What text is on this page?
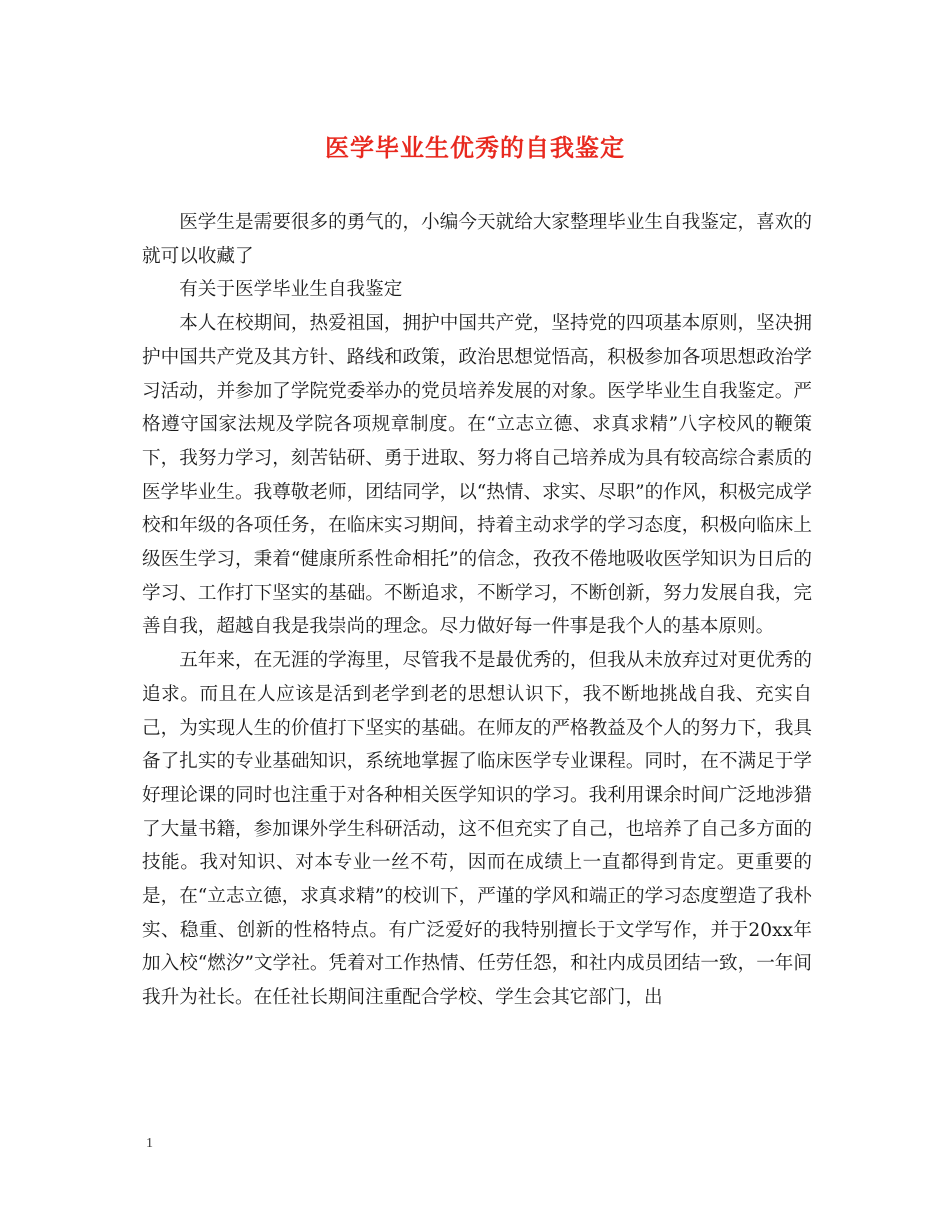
医学毕业生优秀的自我鉴定

医学生是需要很多的勇气的，小编今天就给大家整理毕业生自我鉴定，喜欢的就可以收藏了

有关于医学毕业生自我鉴定

本人在校期间，热爱祖国，拥护中国共产党，坚持党的四项基本原则，坚决拥护中国共产党及其方针、路线和政策，政治思想觉悟高，积极参加各项思想政治学习活动，并参加了学院党委举办的党员培养发展的对象。医学毕业生自我鉴定。严格遵守国家法规及学院各项规章制度。在“立志立德、求真求精”八字校风的鞭策下，我努力学习，刻苦钻研、勇于进取、努力将自己培养成为具有较高综合素质的医学毕业生。我尊敬老师，团结同学，以“热情、求实、尽职”的作风，积极完成学校和年级的各项任务，在临床实习期间，持着主动求学的学习态度，积极向临床上级医生学习，秉着“健康所系性命相托”的信念，孜孜不倦地吸收医学知识为日后的学习、工作打下坚实的基础。不断追求，不断学习，不断创新，努力发展自我，完善自我，超越自我是我崇尚的理念。尽力做好每一件事是我个人的基本原则。

五年来，在无涯的学海里，尽管我不是最优秀的，但我从未放弃过对更优秀的追求。而且在人应该是活到老学到老的思想认识下，我不断地挑战自我、充实自己，为实现人生的价值打下坚实的基础。在师友的严格教益及个人的努力下，我具备了扎实的专业基础知识，系统地掌握了临床医学专业课程。同时，在不满足于学好理论课的同时也注重于对各种相关医学知识的学习。我利用课余时间广泛地涉猎了大量书籍，参加课外学生科研活动，这不但充实了自己，也培养了自己多方面的技能。我对知识、对本专业一丝不苟，因而在成绩上一直都得到肯定。更重要的是，在“立志立德，求真求精”的校训下，严谨的学风和端正的学习态度塑造了我朴实、稳重、创新的性格特点。有广泛爱好的我特别擅长于文学写作，并于20xx年加入校“燃汐”文学社。凭着对工作热情、任劳任怨，和社内成员团结一致，一年间我升为社长。在任社长期间注重配合学校、学生会其它部门，出

1
